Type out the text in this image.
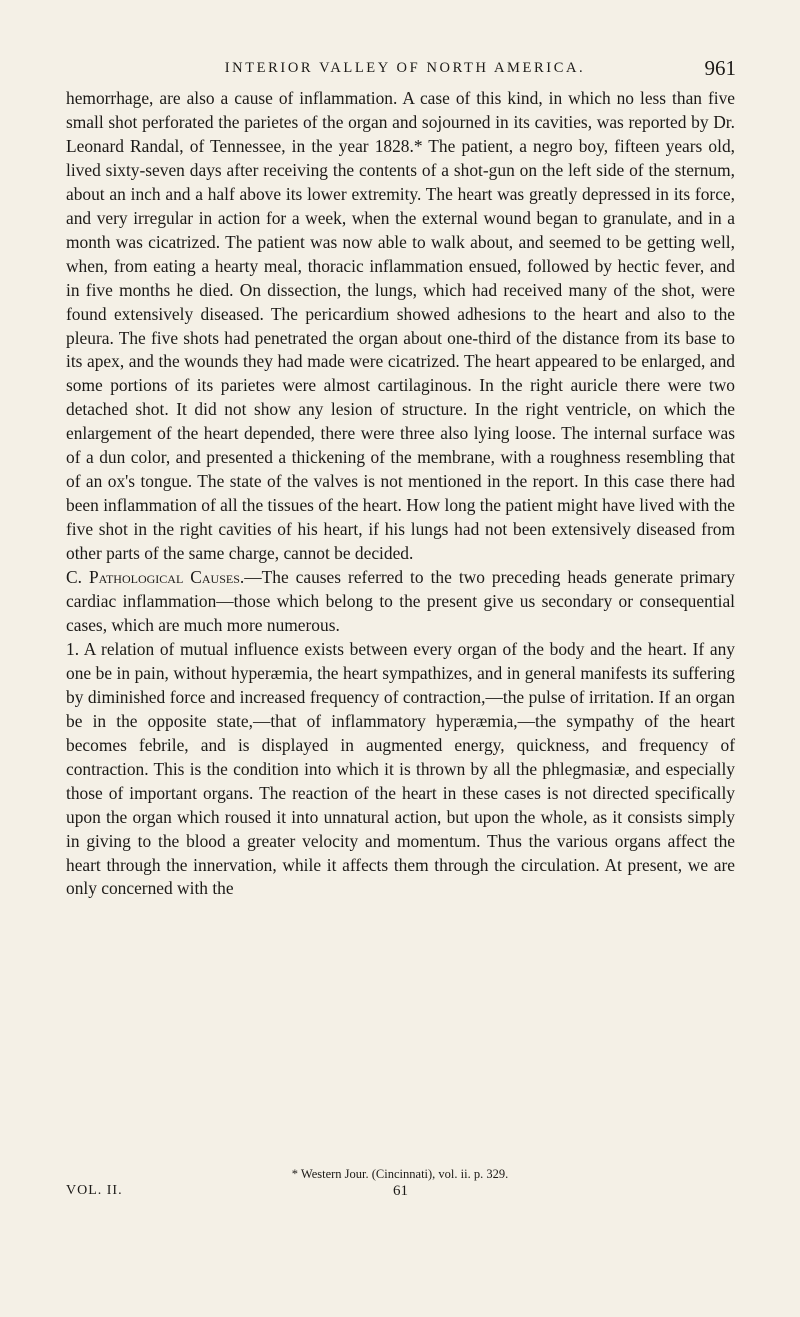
INTERIOR VALLEY OF NORTH AMERICA.	961

hemorrhage, are also a cause of inflammation. A case of this kind, in which no less than five small shot perforated the parietes of the organ and sojourned in its cavities, was reported by Dr. Leonard Randal, of Tennessee, in the year 1828.* The patient, a negro boy, fifteen years old, lived sixty-seven days after receiving the contents of a shot-gun on the left side of the sternum, about an inch and a half above its lower extremity. The heart was greatly depressed in its force, and very irregular in action for a week, when the external wound began to granulate, and in a month was cicatrized. The patient was now able to walk about, and seemed to be getting well, when, from eating a hearty meal, thoracic inflammation ensued, followed by hectic fever, and in five months he died. On dissection, the lungs, which had received many of the shot, were found extensively diseased. The pericardium showed adhesions to the heart and also to the pleura. The five shots had penetrated the organ about one-third of the distance from its base to its apex, and the wounds they had made were cicatrized. The heart appeared to be enlarged, and some portions of its parietes were almost cartilaginous. In the right auricle there were two detached shot. It did not show any lesion of structure. In the right ventricle, on which the enlargement of the heart depended, there were three also lying loose. The internal surface was of a dun color, and presented a thickening of the membrane, with a roughness resembling that of an ox's tongue. The state of the valves is not mentioned in the report. In this case there had been inflammation of all the tissues of the heart. How long the patient might have lived with the five shot in the right cavities of his heart, if his lungs had not been extensively diseased from other parts of the same charge, cannot be decided.

C. Pathological Causes.—The causes referred to the two preceding heads generate primary cardiac inflammation—those which belong to the present give us secondary or consequential cases, which are much more numerous.

1. A relation of mutual influence exists between every organ of the body and the heart. If any one be in pain, without hyperæmia, the heart sympathizes, and in general manifests its suffering by diminished force and increased frequency of contraction,—the pulse of irritation. If an organ be in the opposite state,—that of inflammatory hyperæmia,—the sympathy of the heart becomes febrile, and is displayed in augmented energy, quickness, and frequency of contraction. This is the condition into which it is thrown by all the phlegmasiæ, and especially those of important organs. The reaction of the heart in these cases is not directed specifically upon the organ which roused it into unnatural action, but upon the whole, as it consists simply in giving to the blood a greater velocity and momentum. Thus the various organs affect the heart through the innervation, while it affects them through the circulation. At present, we are only concerned with the

* Western Jour. (Cincinnati), vol. ii. p. 329.
VOL. II.	61
